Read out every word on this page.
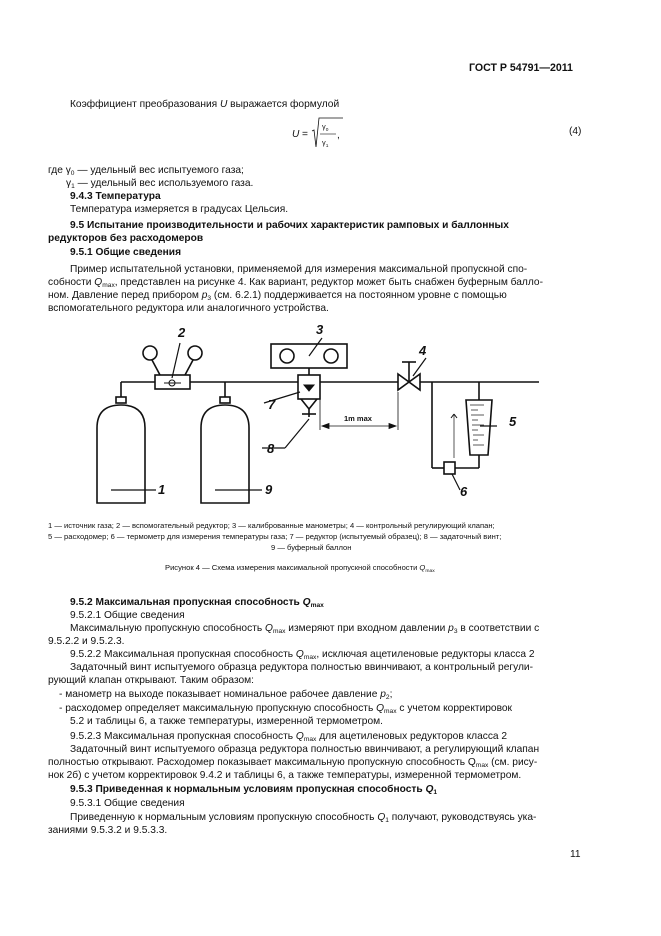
ГОСТ Р 54791—2011
Коэффициент преобразования U выражается формулой
U =
$\gamma_0$
$\gamma_1$
,	(4)
где $\gamma_0$ — удельный вес испытуемого газа;
$\gamma_1$ — удельный вес используемого газа.
9.4.3 Температура
Температура измеряется в градусах Цельсия.
9.5 Испытание производительности и рабочих характеристик рамповых и баллонных
редукторов без расходомеров
9.5.1 Общие сведения
Пример испытательной установки, применяемой для измерения максимальной пропускной спо-
собности $Q_{max}$, представлен на рисунке 4. Как вариант, редуктор может быть снабжен буферным балло-
ном. Давление перед прибором $p_3$ (см. 6.2.1) поддерживается на постоянном уровне с помощью
вспомогательного редуктора или аналогичного устройства.
2	3
4
5
6
7
8
1	9
1m max
1 — источник газа; 2 — вспомогательный редуктор; 3 — калиброванные манометры; 4 — контрольный регулирующий клапан;
5 — расходомер; 6 — термометр для измерения температуры газа; 7 — редуктор (испытуемый образец); 8 — задаточный винт;
9 — буферный баллон
Рисунок 4 — Схема измерения максимальной пропускной способности $Q_{max}$
9.5.2 Максимальная пропускная способность $Q_{max}$
9.5.2.1 Общие сведения
Максимальную пропускную способность $Q_{max}$ измеряют при входном давлении $p_3$ в соответствии с
9.5.2.2 и 9.5.2.3.
9.5.2.2 Максимальная пропускная способность $Q_{max}$, исключая ацетиленовые редукторы класса 2
Задаточный винт испытуемого образца редуктора полностью ввинчивают, а контрольный регули-
рующий клапан открывают. Таким образом:
- манометр на выходе показывает номинальное рабочее давление $p_2$;
- расходомер определяет максимальную пропускную способность $Q_{max}$ с учетом корректировок
5.2 и таблицы 6, а также температуры, измеренной термометром.
9.5.2.3 Максимальная пропускная способность $Q_{max}$ для ацетиленовых редукторов класса 2
Задаточный винт испытуемого образца редуктора полностью ввинчивают, а регулирующий клапан
полностью открывают. Расходомер показывает максимальную пропускную способность $Q_{max}$ (см. рису-
нок 2б) с учетом корректировок 9.4.2 и таблицы 6, а также температуры, измеренной термометром.
9.5.3 Приведенная к нормальным условиям пропускная способность $Q_1$
9.5.3.1 Общие сведения
Приведенную к нормальным условиям пропускную способность $Q_1$ получают, руководствуясь ука-
заниями 9.5.3.2 и 9.5.3.3.
11
